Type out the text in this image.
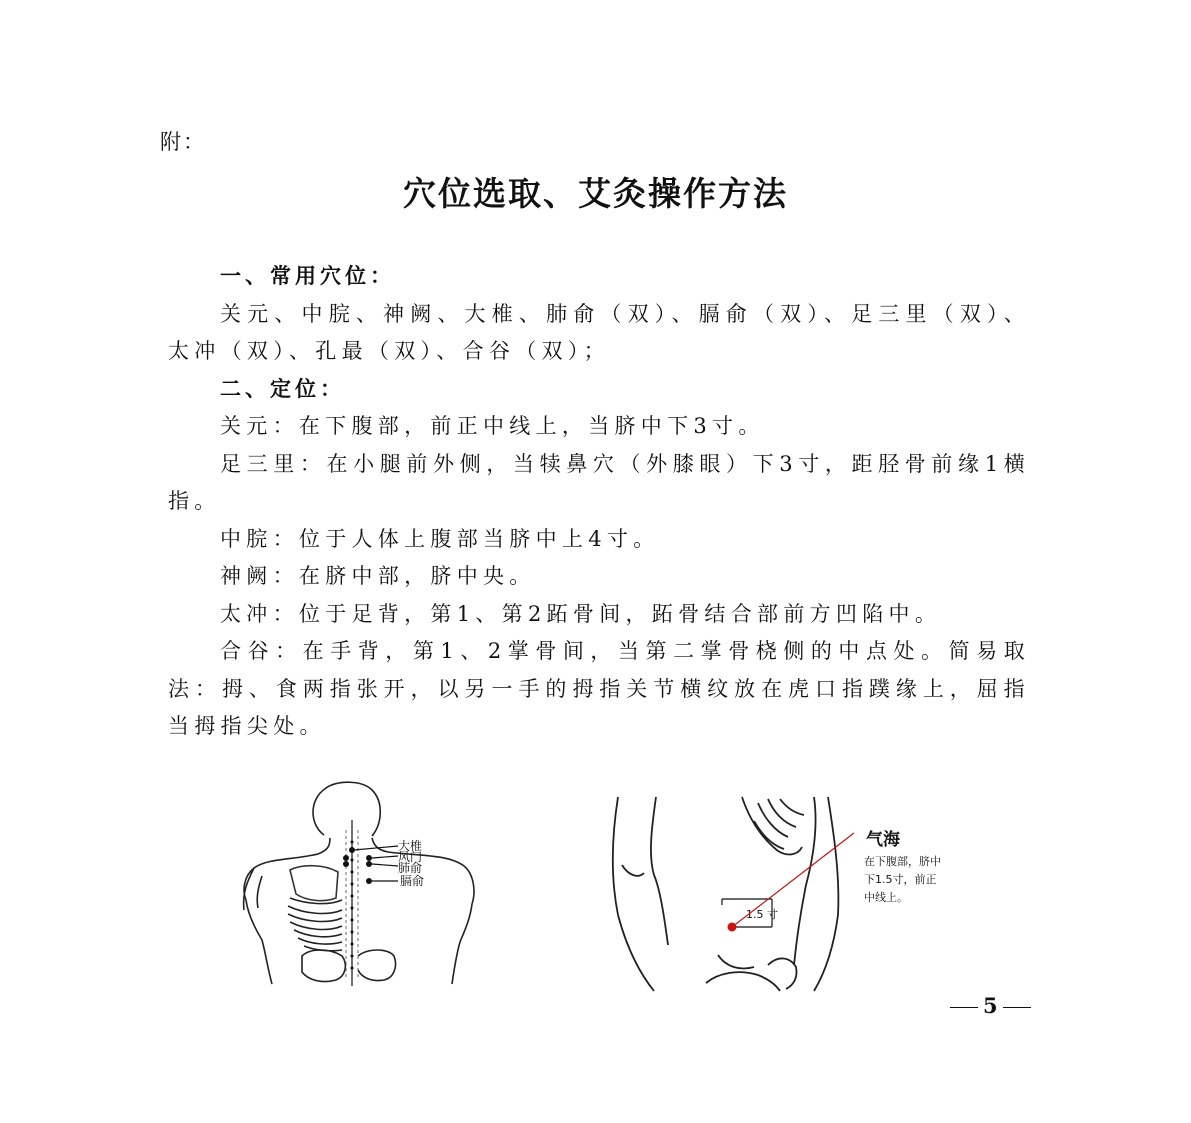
附：
穴位选取、艾灸操作方法
一、常用穴位：

关元、中脘、神阙、大椎、肺俞（双）、膈俞（双）、足三里（双）、太冲（双）、孔最（双）、合谷（双）；

二、定位：

关元：在下腹部，前正中线上，当脐中下3寸。

足三里：在小腿前外侧，当犊鼻穴（外膝眼）下3寸，距胫骨前缘1横指。

中脘：位于人体上腹部当脐中上4寸。

神阙：在脐中部，脐中央。

太冲：位于足背，第1、第2跖骨间，跖骨结合部前方凹陷中。

合谷：在手背，第1、2掌骨间，当第二掌骨桡侧的中点处。简易取法：拇、食两指张开，以另一手的拇指关节横纹放在虎口指蹼缘上，屈指当拇指尖处。

大椎
风门
肺俞
膈俞
1.5 寸
气海
在下腹部，脐中
下1.5寸，前正
中线上。
5
